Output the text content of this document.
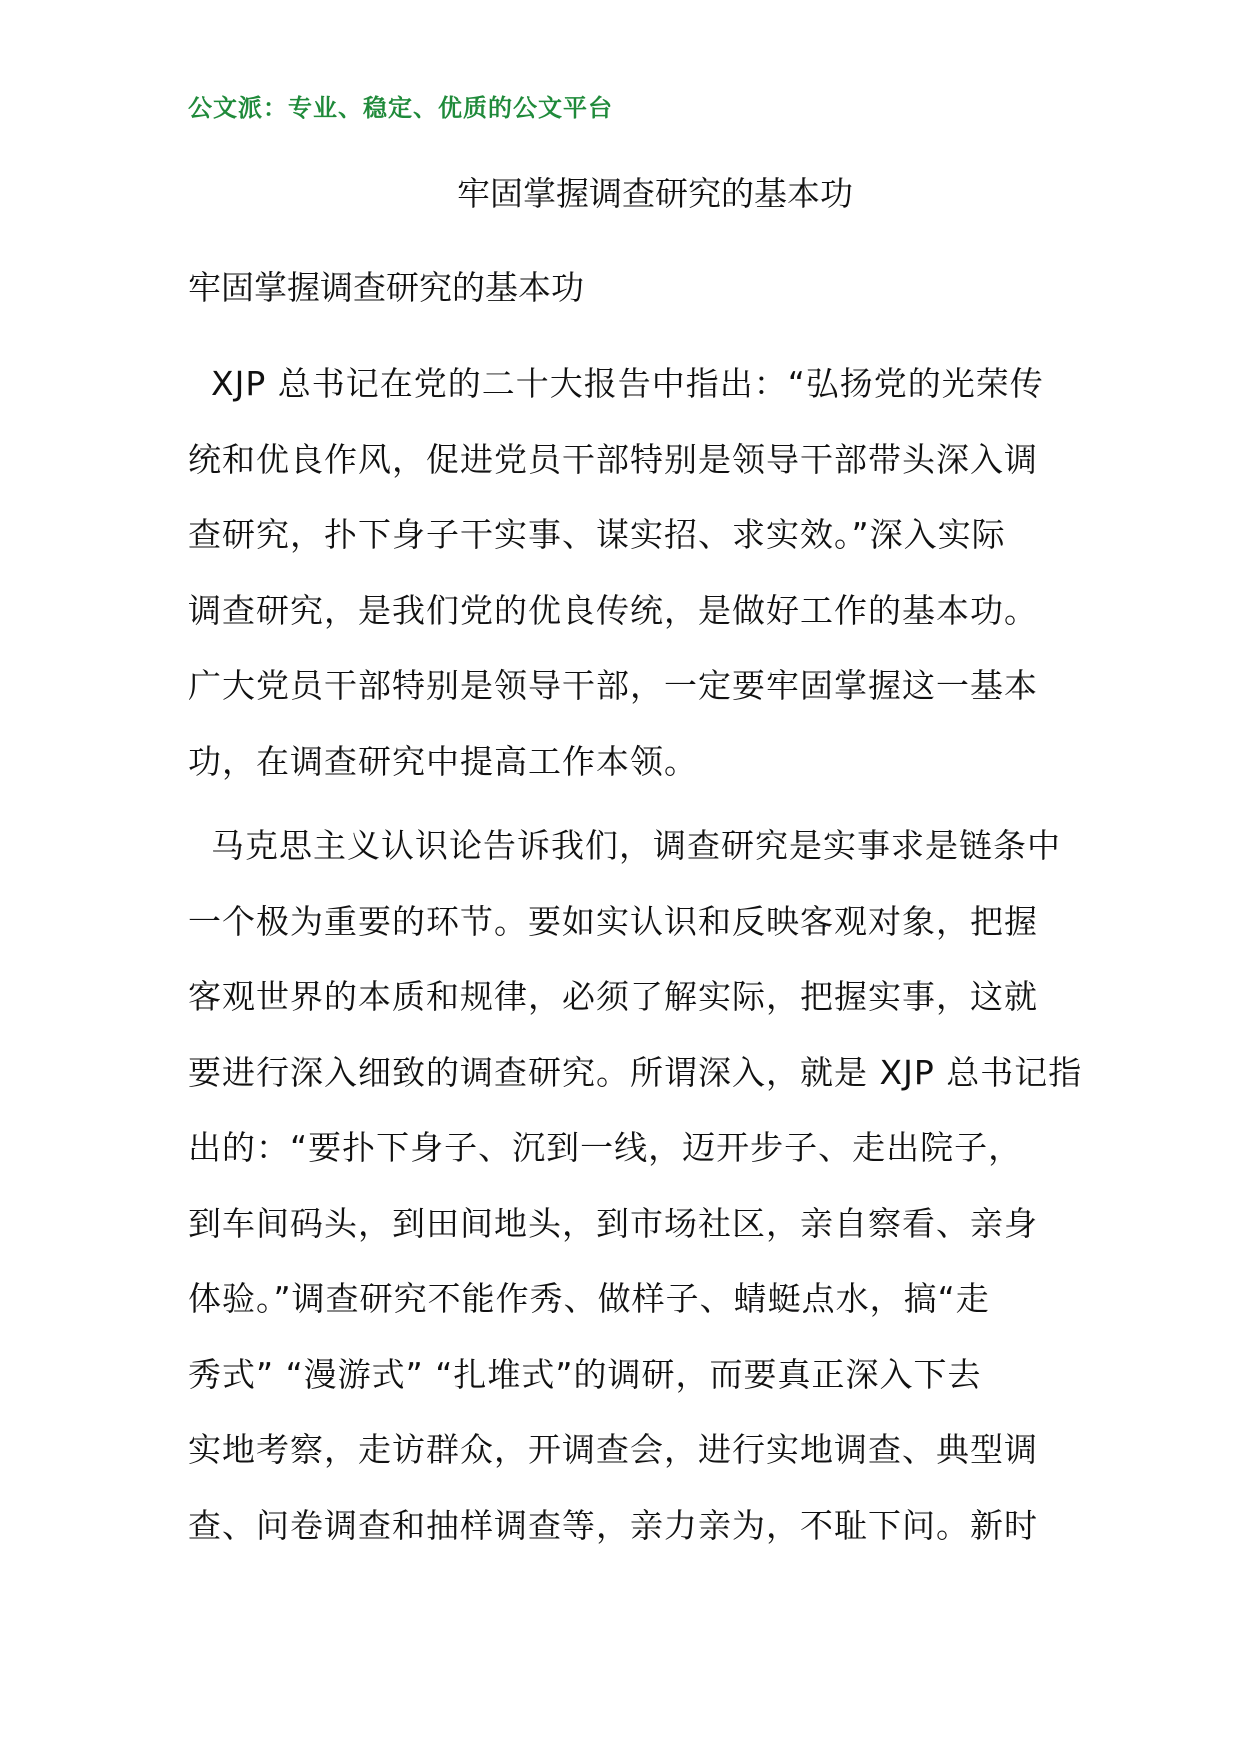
公文派：专业、稳定、优质的公文平台
牢固掌握调查研究的基本功
牢固掌握调查研究的基本功

XJP 总书记在党的二十大报告中指出：“弘扬党的光荣传
统和优良作风，促进党员干部特别是领导干部带头深入调
查研究，扑下身子干实事、谋实招、求实效。”深入实际
调查研究，是我们党的优良传统，是做好工作的基本功。
广大党员干部特别是领导干部，一定要牢固掌握这一基本
功，在调查研究中提高工作本领。

马克思主义认识论告诉我们，调查研究是实事求是链条中
一个极为重要的环节。要如实认识和反映客观对象，把握
客观世界的本质和规律，必须了解实际，把握实事，这就
要进行深入细致的调查研究。所谓深入，就是 XJP 总书记指
出的：“要扑下身子、沉到一线，迈开步子、走出院子，
到车间码头，到田间地头，到市场社区，亲自察看、亲身
体验。”调查研究不能作秀、做样子、蜻蜓点水，搞“走
秀式” “漫游式” “扎堆式”的调研，而要真正深入下去
实地考察，走访群众，开调查会，进行实地调查、典型调
查、问卷调查和抽样调查等，亲力亲为，不耻下问。新时
